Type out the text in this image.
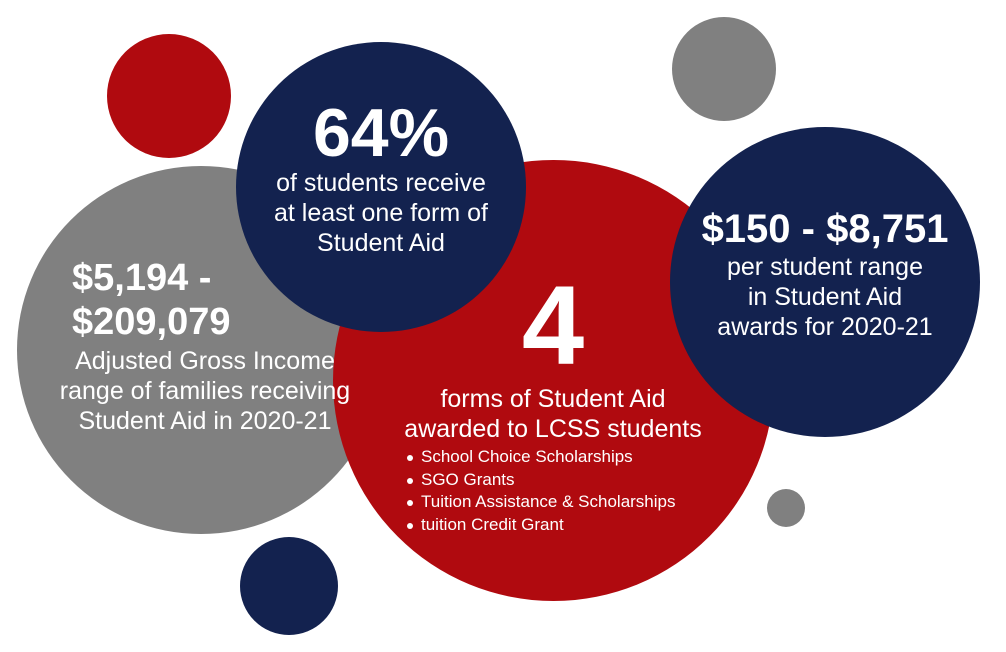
64%
of students receive
at least one form of
Student Aid
$5,194 -
$209,079
Adjusted Gross Income
range of families receiving
Student Aid in 2020-21
4
forms of Student Aid
awarded to LCSS students
School Choice Scholarships
SGO Grants
Tuition Assistance & Scholarships
tuition Credit Grant
$150 - $8,751
per student range
in Student Aid
awards for 2020-21
